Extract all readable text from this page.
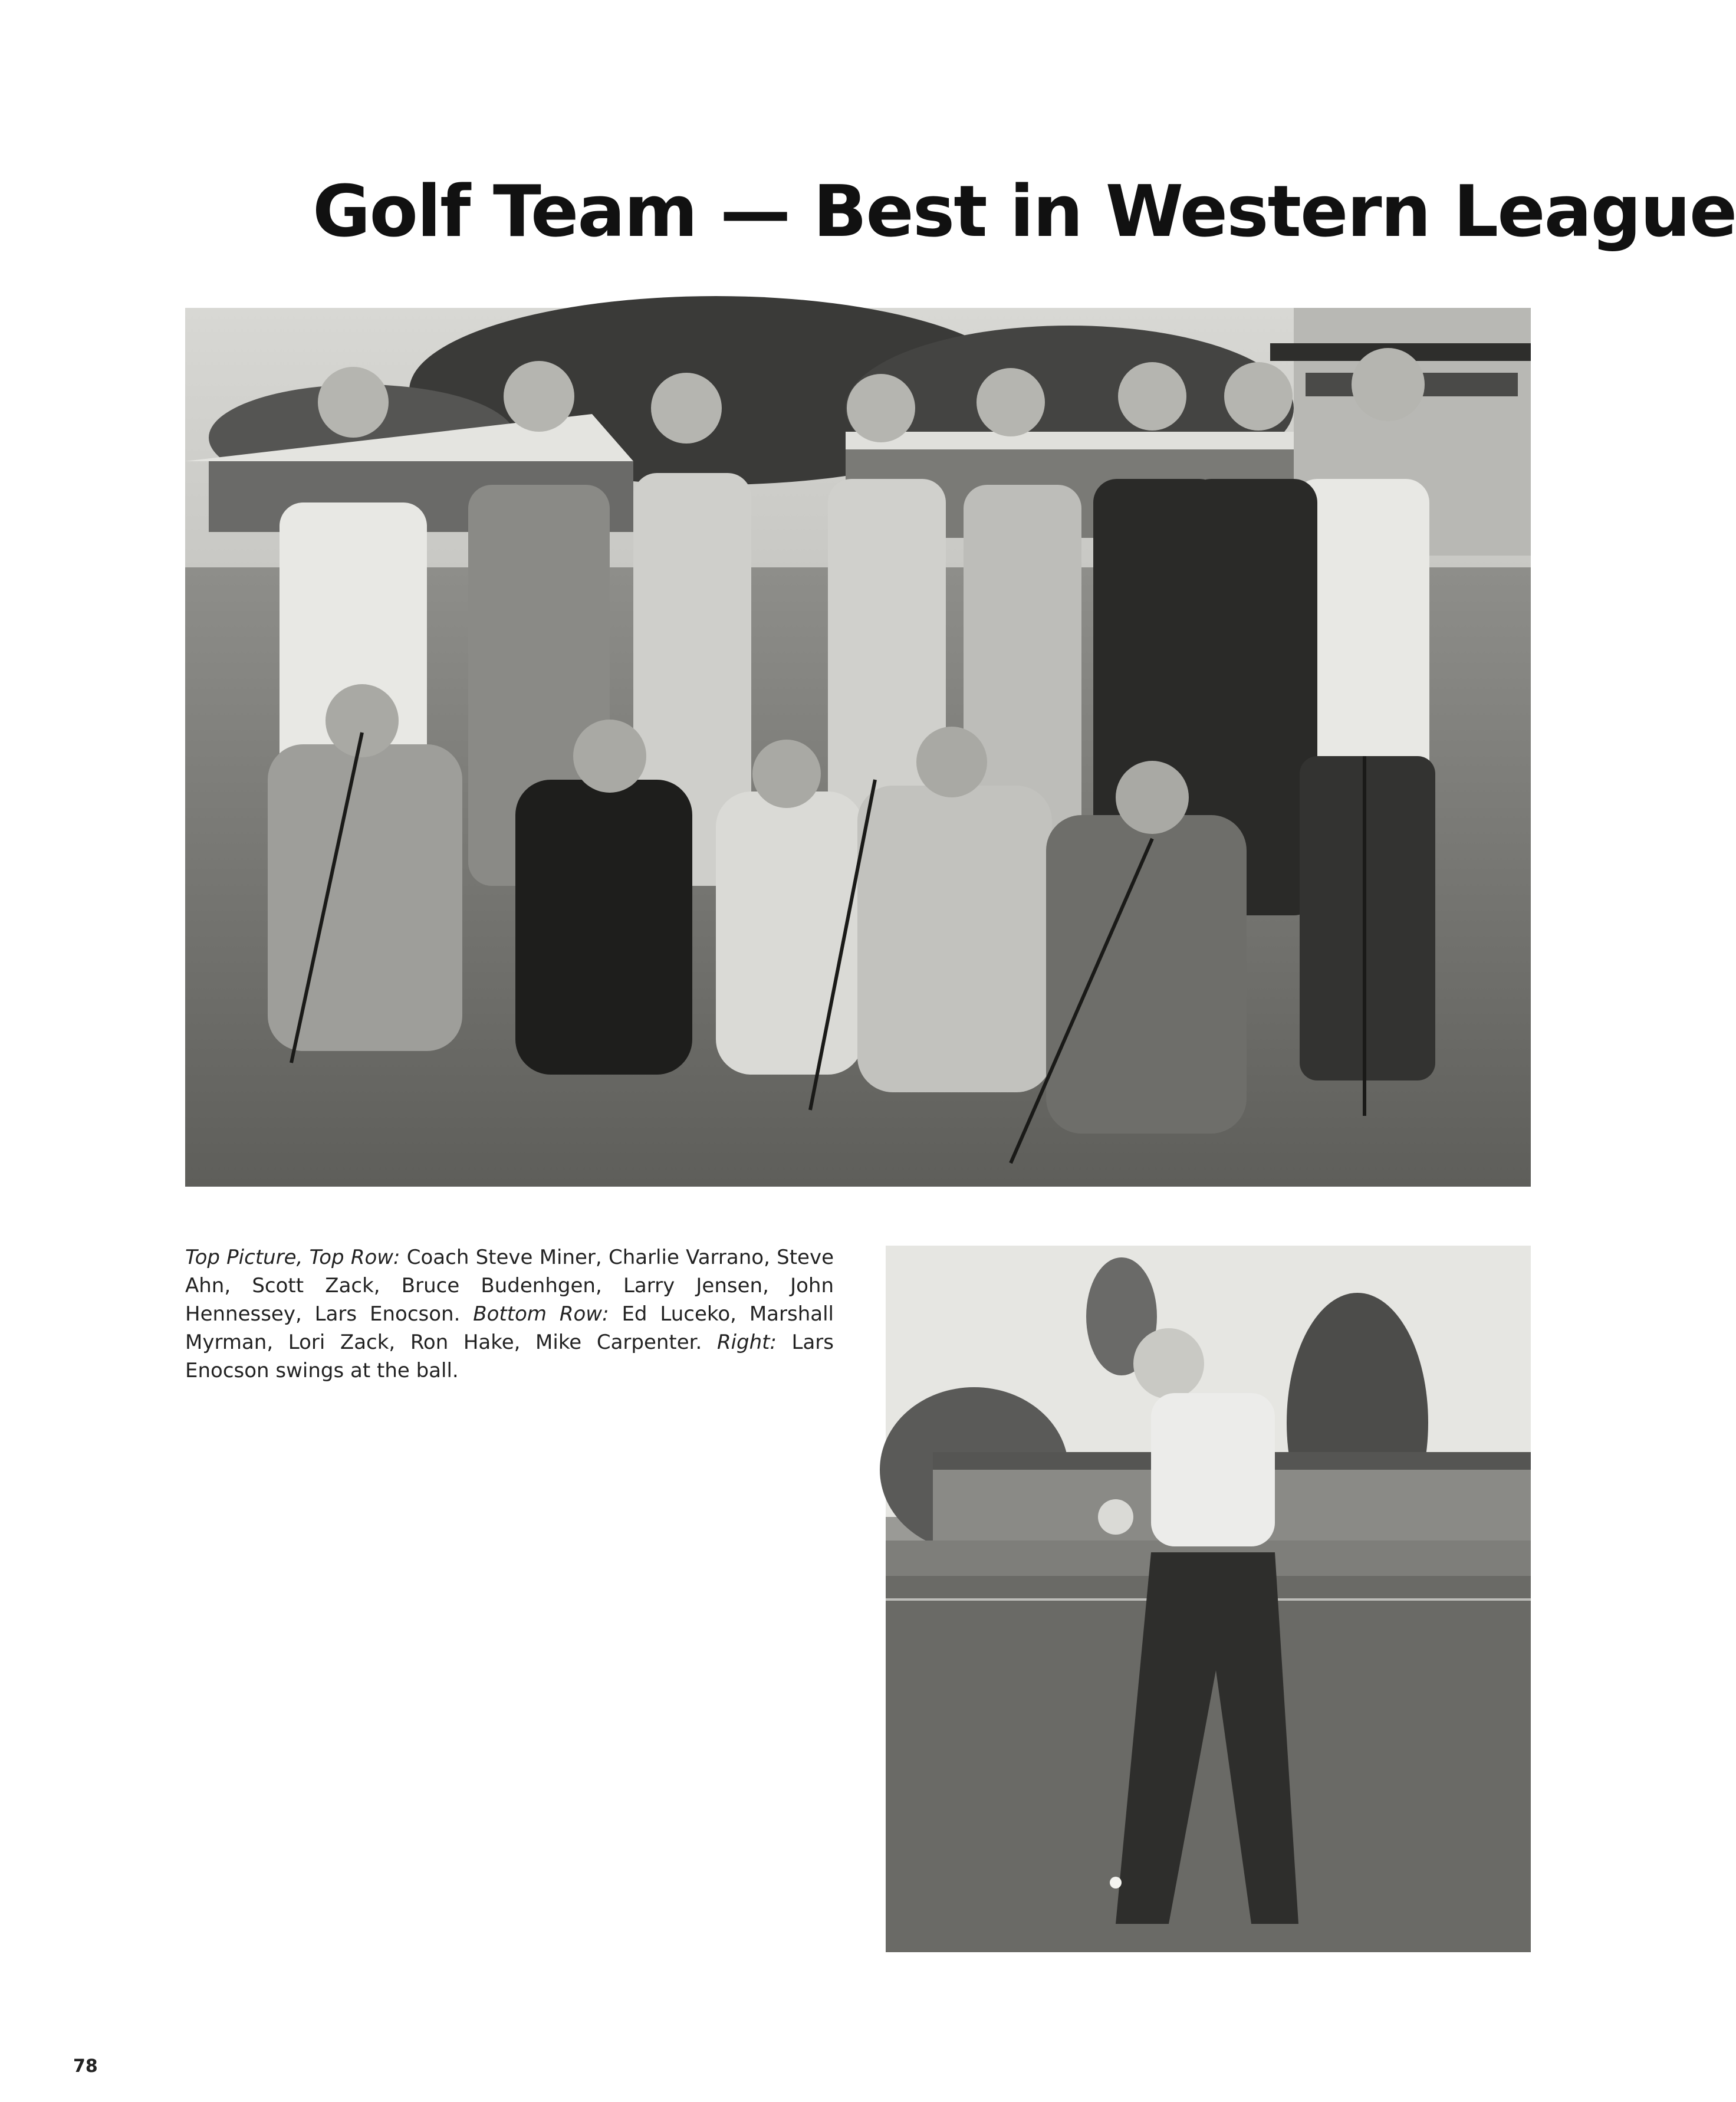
Golf Team — Best in Western League

Top Picture, Top Row: Coach Steve Miner, Charlie Varrano, Steve Ahn, Scott Zack, Bruce Budenhgen, Larry Jensen, John Hennessey, Lars Enocson. Bottom Row: Ed Luceko, Marshall Myrman, Lori Zack, Ron Hake, Mike Carpenter. Right: Lars Enocson swings at the ball.

78
